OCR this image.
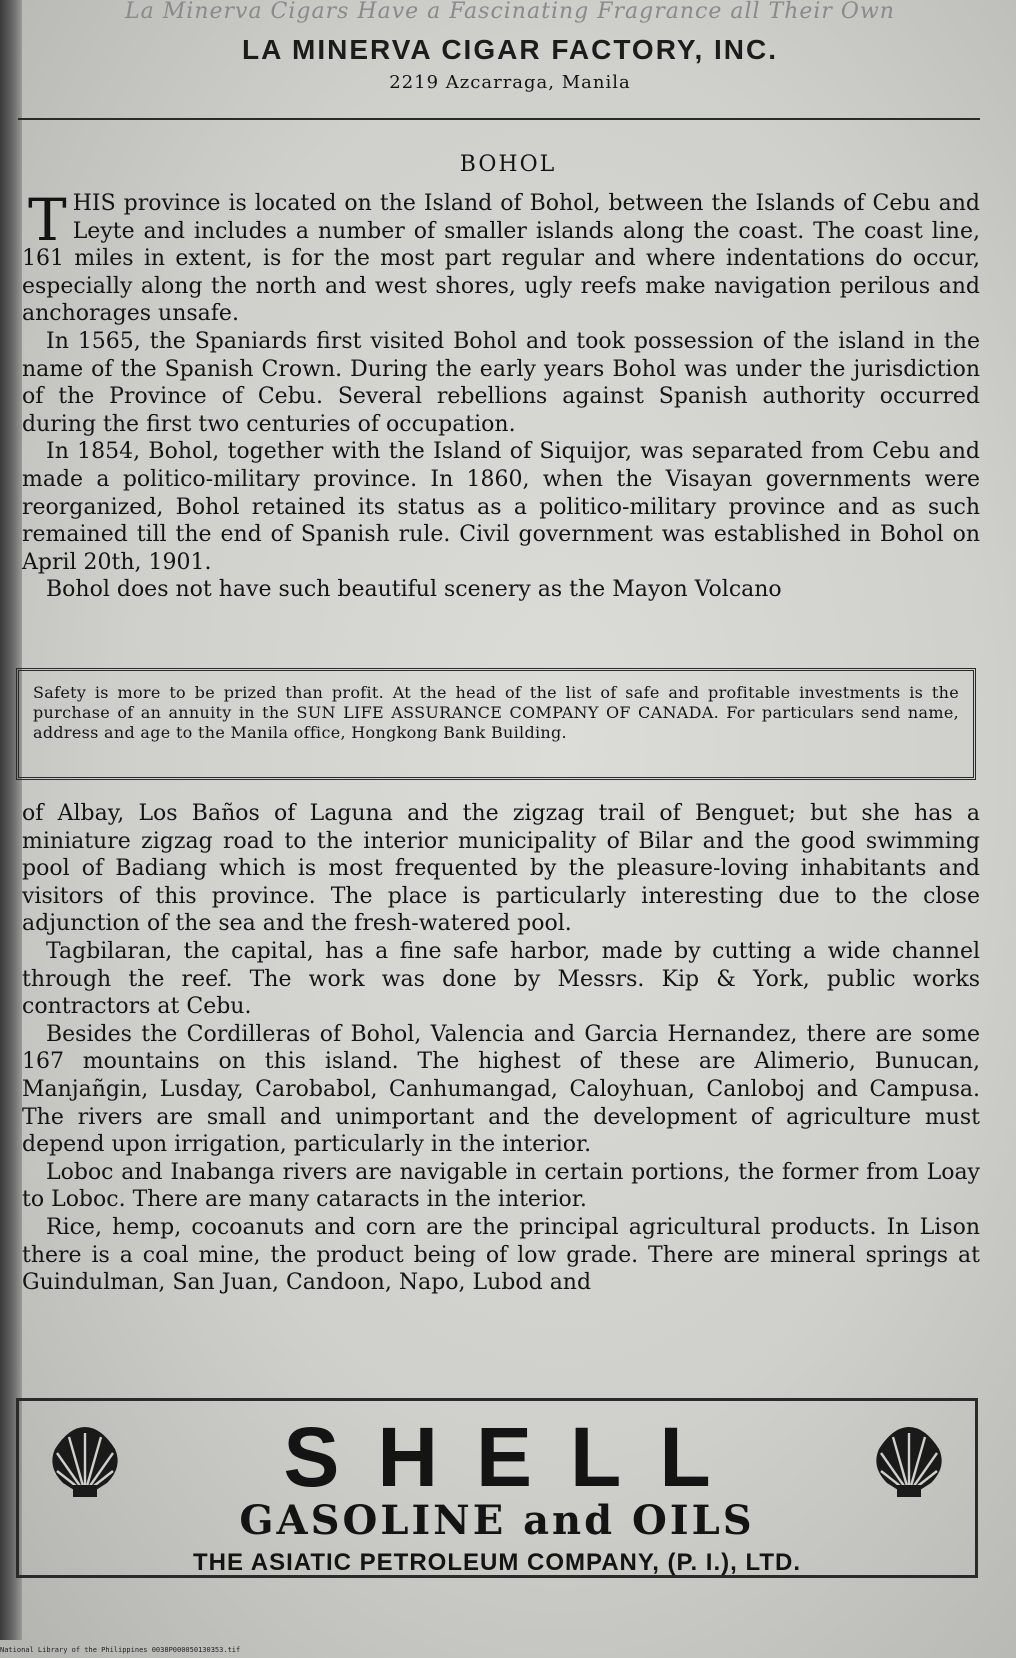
La Minerva Cigars Have a Fascinating Fragrance all Their Own
LA MINERVA CIGAR FACTORY, INC.
2219 Azcarraga, Manila
BOHOL

THIS province is located on the Island of Bohol, between the Islands of Cebu and Leyte and includes a number of smaller islands along the coast. The coast line, 161 miles in extent, is for the most part regular and where indentations do occur, especially along the north and west shores, ugly reefs make navigation perilous and anchorages unsafe.

In 1565, the Spaniards first visited Bohol and took possession of the island in the name of the Spanish Crown. During the early years Bohol was under the jurisdiction of the Province of Cebu. Several rebellions against Spanish authority occurred during the first two centuries of occupation.

In 1854, Bohol, together with the Island of Siquijor, was separated from Cebu and made a politico-military province. In 1860, when the Visayan governments were reorganized, Bohol retained its status as a politico-military province and as such remained till the end of Spanish rule. Civil government was established in Bohol on April 20th, 1901.

Bohol does not have such beautiful scenery as the Mayon Volcano

Safety is more to be prized than profit. At the head of the list of safe and profitable investments is the purchase of an annuity in the SUN LIFE ASSURANCE COMPANY OF CANADA. For particulars send name, address and age to the Manila office, Hongkong Bank Building.

of Albay, Los Baños of Laguna and the zigzag trail of Benguet; but she has a miniature zigzag road to the interior municipality of Bilar and the good swimming pool of Badiang which is most frequented by the pleasure-loving inhabitants and visitors of this province. The place is particularly interesting due to the close adjunction of the sea and the fresh-watered pool.

Tagbilaran, the capital, has a fine safe harbor, made by cutting a wide channel through the reef. The work was done by Messrs. Kip & York, public works contractors at Cebu.

Besides the Cordilleras of Bohol, Valencia and Garcia Hernandez, there are some 167 mountains on this island. The highest of these are Alimerio, Bunucan, Manjañgin, Lusday, Carobabol, Canhumangad, Caloyhuan, Canloboj and Campusa. The rivers are small and unimportant and the development of agriculture must depend upon irrigation, particularly in the interior.

Loboc and Inabanga rivers are navigable in certain portions, the former from Loay to Loboc. There are many cataracts in the interior.

Rice, hemp, cocoanuts and corn are the principal agricultural products. In Lison there is a coal mine, the product being of low grade. There are mineral springs at Guindulman, San Juan, Candoon, Napo, Lubod and

SHELL
GASOLINE and OILS
THE ASIATIC PETROLEUM COMPANY, (P. I.), LTD.
National Library of the Philippines 0038P000050130353.tif
